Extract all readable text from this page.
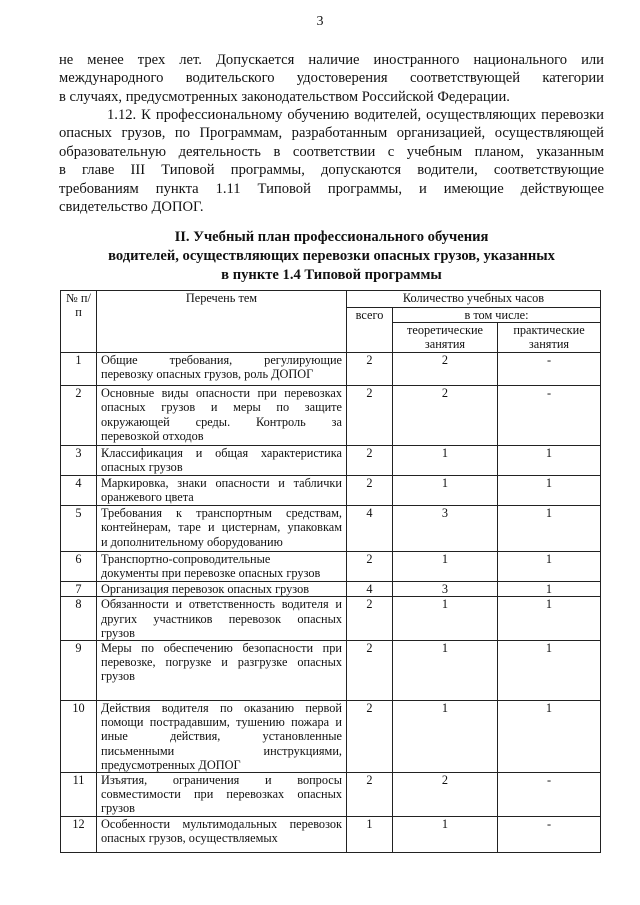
3
не менее трех лет. Допускается наличие иностранного национального или
международного водительского удостоверения соответствующей категории
в случаях, предусмотренных законодательством Российской Федерации.
1.12. К профессиональному обучению водителей, осуществляющих перевозки
опасных грузов, по Программам, разработанным организацией, осуществляющей
образовательную деятельность в соответствии с учебным планом, указанным
в главе III Типовой программы, допускаются водители, соответствующие
требованиям пункта 1.11 Типовой программы, и имеющие действующее
свидетельство ДОПОГ.
II. Учебный план профессионального обучения
водителей, осуществляющих перевозки опасных грузов, указанных
в пункте 1.4 Типовой программы
№ п/п	Перечень тем	Количество учебных часов		
		всего	в том числе:	
			теоретические занятия	практические занятия
1	Общие требования, регулирующие
перевозку опасных грузов, роль ДОПОГ	2	2	-
2	Основные виды опасности при перевозках
опасных грузов и меры по защите
окружающей среды. Контроль за
перевозкой отходов	2	2	-
3	Классификация и общая характеристика
опасных грузов	2	1	1
4	Маркировка, знаки опасности и таблички
оранжевого цвета	2	1	1
5	Требования к транспортным средствам,
контейнерам, таре и цистернам, упаковкам
и дополнительному оборудованию	4	3	1
6	Транспортно-сопроводительные
документы при перевозке опасных грузов	2	1	1
7	Организация перевозок опасных грузов	4	3	1
8	Обязанности и ответственность водителя и
других участников перевозок опасных
грузов	2	1	1
9	Меры по обеспечению безопасности при
перевозке, погрузке и разгрузке опасных
грузов	2	1	1
10	Действия водителя по оказанию первой
помощи пострадавшим, тушению пожара и
иные действия, установленные
письменными инструкциями,
предусмотренных ДОПОГ	2	1	1
11	Изъятия, ограничения и вопросы
совместимости при перевозках опасных
грузов	2	2	-
12	Особенности мультимодальных перевозок
опасных грузов, осуществляемых	1	1	-
